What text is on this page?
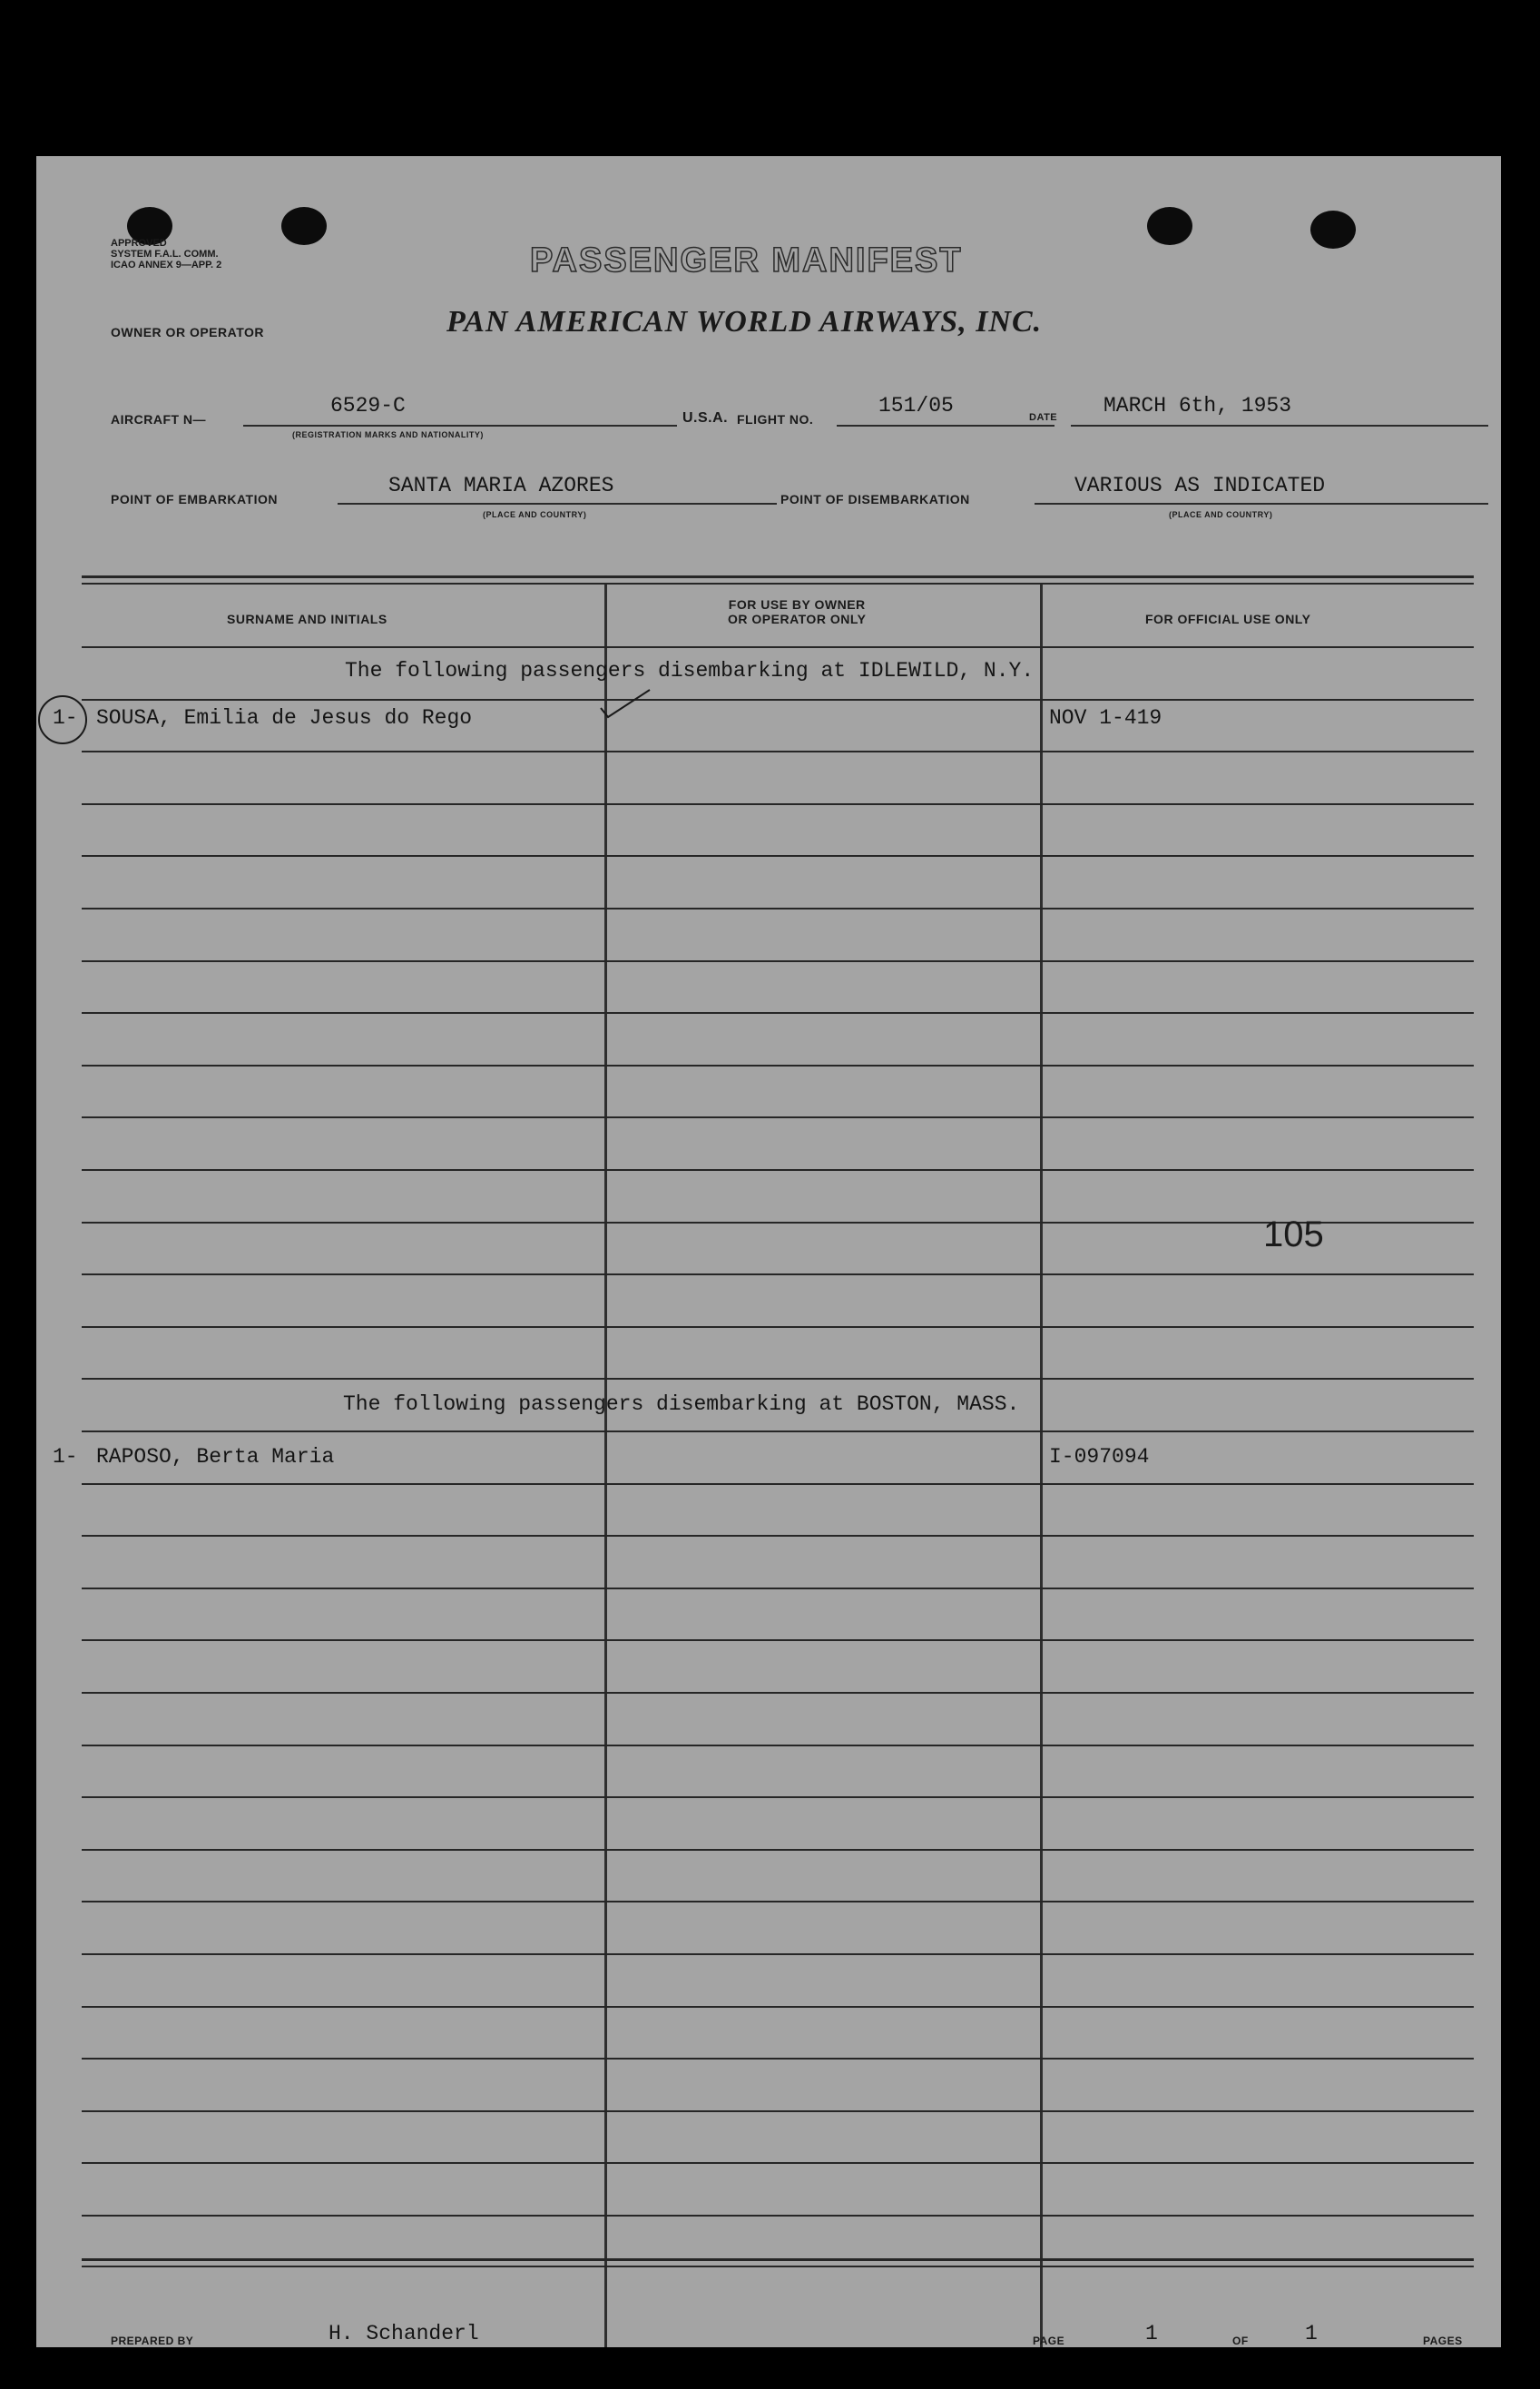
APPROVED
SYSTEM F.A.L. COMM.
ICAO ANNEX 9—APP. 2	PASSENGER MANIFEST
OWNER OR OPERATOR	PAN AMERICAN WORLD AIRWAYS, INC.
AIRCRAFT N—
6529-C
(REGISTRATION MARKS AND NATIONALITY)
U.S.A. FLIGHT NO.
151/05	DATE MARCH 6th, 1953
POINT OF EMBARKATION
SANTA MARIA AZORES
(PLACE AND COUNTRY)
POINT OF DISEMBARKATION
VARIOUS AS INDICATED
(PLACE AND COUNTRY)
SURNAME AND INITIALS
FOR USE BY OWNER
OR OPERATOR ONLY	FOR OFFICIAL USE ONLY
The following passengers disembarking at IDLEWILD, N.Y.
1- SOUSA, Emilia de Jesus do Rego	NOV 1-419
105
The following passengers disembarking at BOSTON, MASS.
1- RAPOSO, Berta Maria	I-097094
PREPARED BY	H. Schanderl	PAGE	1	OF	1	PAGES
